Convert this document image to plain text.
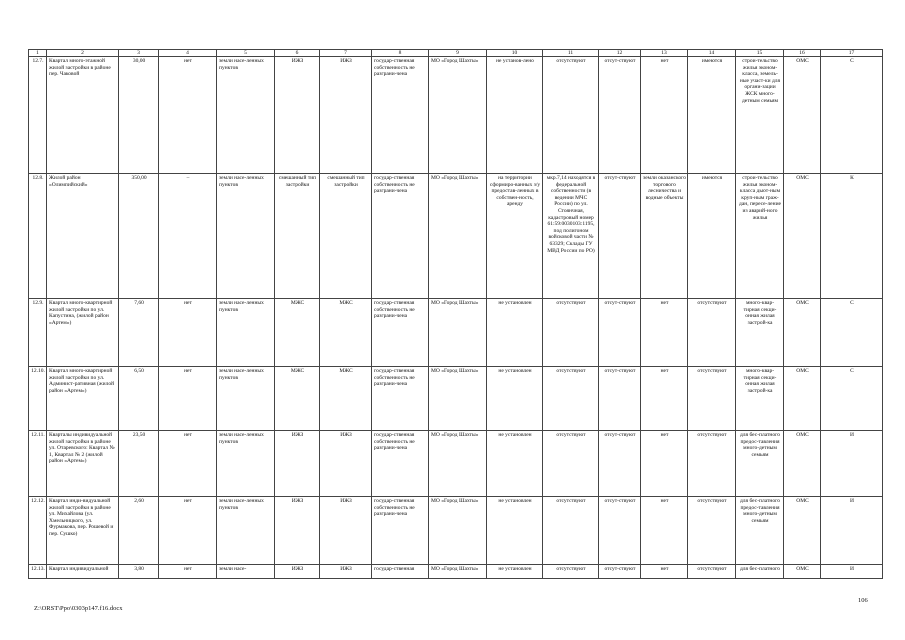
1	2	3	4	5	6	7	8	9	10	11	12	13	14	15	16	17
12.7.	Квартал много-этажной жилой застройки в районе пер. Чаковой	30,00	нет	земли насе-ленных пунктов	ИЖЗ	ИЖЗ	государ-ственная собственность не разграни-чена	МО «Город Шахты»	не установ-лено	отсутствуют	отсут-ствуют	нет	имеются	строи-тельство жилья эконом-класса, земель-ные участ-ки для органи-зации ЖСК много-детным семьям	ОМС	С
12.8.	Жилой район «Олимпийский»	350,00	–	земли насе-ленных пунктов	смешанный тип застройки	смешанный тип застройки	государ-ственная собственность не разграни-чена	МО «Город Шахты»	на территории сформиро-ванных з/у предостав-ленных в собствен-ность, аренду	мкр.7,14 находятся в федеральной собственности (в ведении МЧС России) по ул. Стоянчная, кадастровый номер 61:59:0030103:1195, под полигоном войсковой части № 63329; Склады ГУ МВД России по РО)	отсут-ствуют	земли оказанского торгового лесничества и водные объекты	имеются	строи-тельство жилья эконом-класса дыот-ным круп-ным граж-дан, пересе-ление из аварий-ного жилья	ОМС	К
12.9.	Квартал много-квартирной жилой застройки по ул. Капустина, (жилой район «Артем»)	7,60	нет	земли насе-ленных пунктов	МЖС	МЖС	государ-ственная собственность не разграни-чена	МО «Город Шахты»	не установлен	отсутствуют	отсут-ствуют	нет	отсутствуют	много-квар-тирная секци-онная жилая застрой-ка	ОМС	С
12.10.	Квартал много-квартирной жилой застройки по ул. Админист-ративная (жилой район «Артем»)	6,50	нет	земли насе-ленных пунктов	МЖС	МЖС	государ-ственная собственность не разграни-чена	МО «Город Шахты»	не установлен	отсутствуют	отсут-ствуют	нет	отсутствуют	много-квар-тирная секци-онная жилая застрой-ка	ОМС	С
12.11.	Кварталы индивидуальной жилой застройки в районе ул. Отаревского: Квартал № 1, Квартал № 2 (жилой район «Артем»)	23,50	нет	земли насе-ленных пунктов	ИЖЗ	ИЖЗ	государ-ственная собственность не разграни-чена	МО «Город Шахты»	не установлен	отсутствуют	отсут-ствуют	нет	отсутствуют	для бес-платного предос-тавления много-детным семьям	ОМС	И
12.12.	Квартал инди-видуальной жилой застройки в районе ул. Михайлова (ул. Хмельницкого, ул. Фурмакова, пер. Рошевой и пер. Сушко)	2,60	нет	земли насе-ленных пунктов	ИЖЗ	ИЖЗ	государ-ственная собственность не разграни-чена	МО «Город Шахты»	не установлен	отсутствуют	отсут-ствуют	нет	отсутствуют	для бес-платного предос-тавления много-детным семьям	ОМС	И
12.13.	Квартал индивидуальной	3,80	нет	земли насе-	ИЖЗ	ИЖЗ	государ-ственная	МО «Город Шахты»	не установлен	отсутствуют	отсут-ствуют	нет	отсутствуют	для бес-платного	ОМС	И
106
Z:\ORST\Ppo\0303p147.f16.docx
